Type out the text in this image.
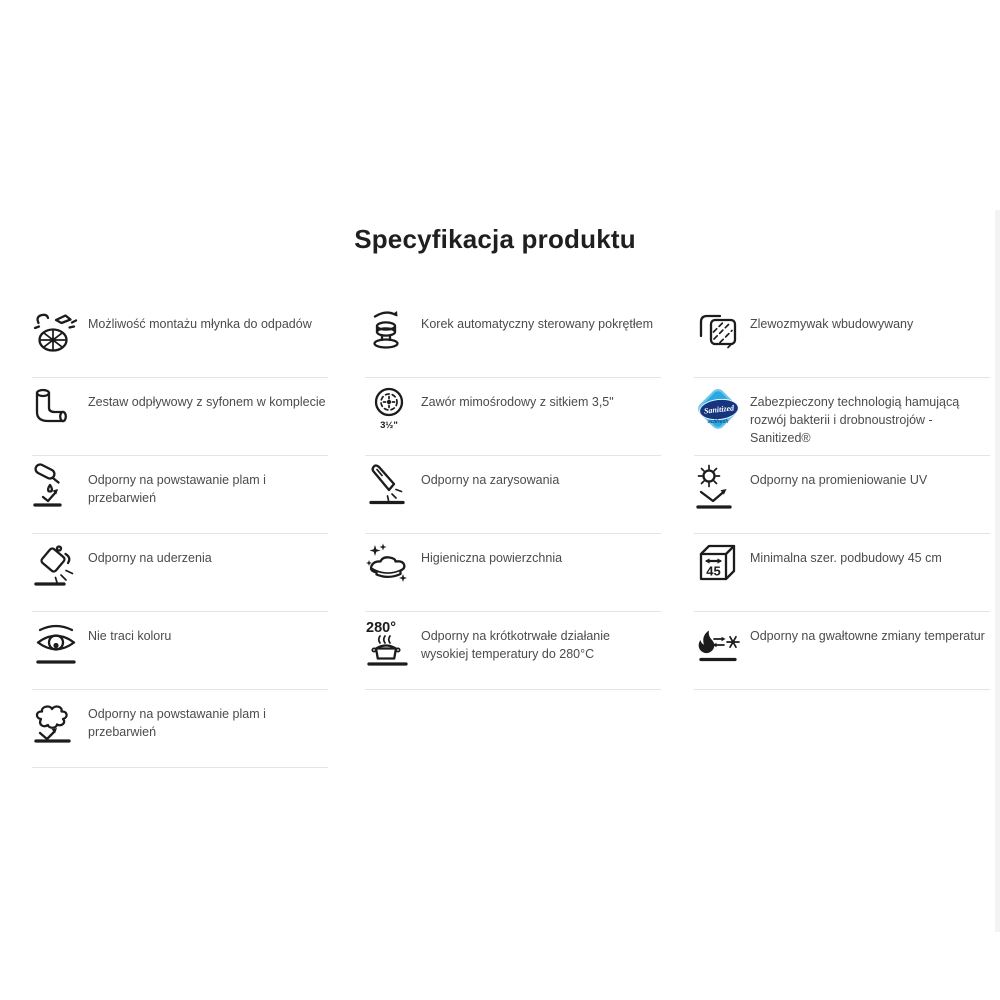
Specyfikacja produktu
Możliwość montażu młynka do odpadów
Zestaw odpływowy z syfonem w komplecie
Odporny na powstawanie plam i przebarwień
Odporny na uderzenia
Nie traci koloru
Odporny na powstawanie plam i przebarwień
Korek automatyczny sterowany pokrętłem
3½"
Zawór mimośrodowy z sitkiem 3,5"
Odporny na zarysowania
Higieniczna powierzchnia
280° Odporny na krótkotrwałe działanie wysokiej temperatury do 280°C
Zlewozmywak wbudowywany
Sanitized
actifresh
Zabezpieczony technologią hamującą rozwój bakterii i drobnoustrojów - Sanitized®
Odporny na promieniowanie UV
45
Minimalna szer. podbudowy 45 cm
Odporny na gwałtowne zmiany temperatur
